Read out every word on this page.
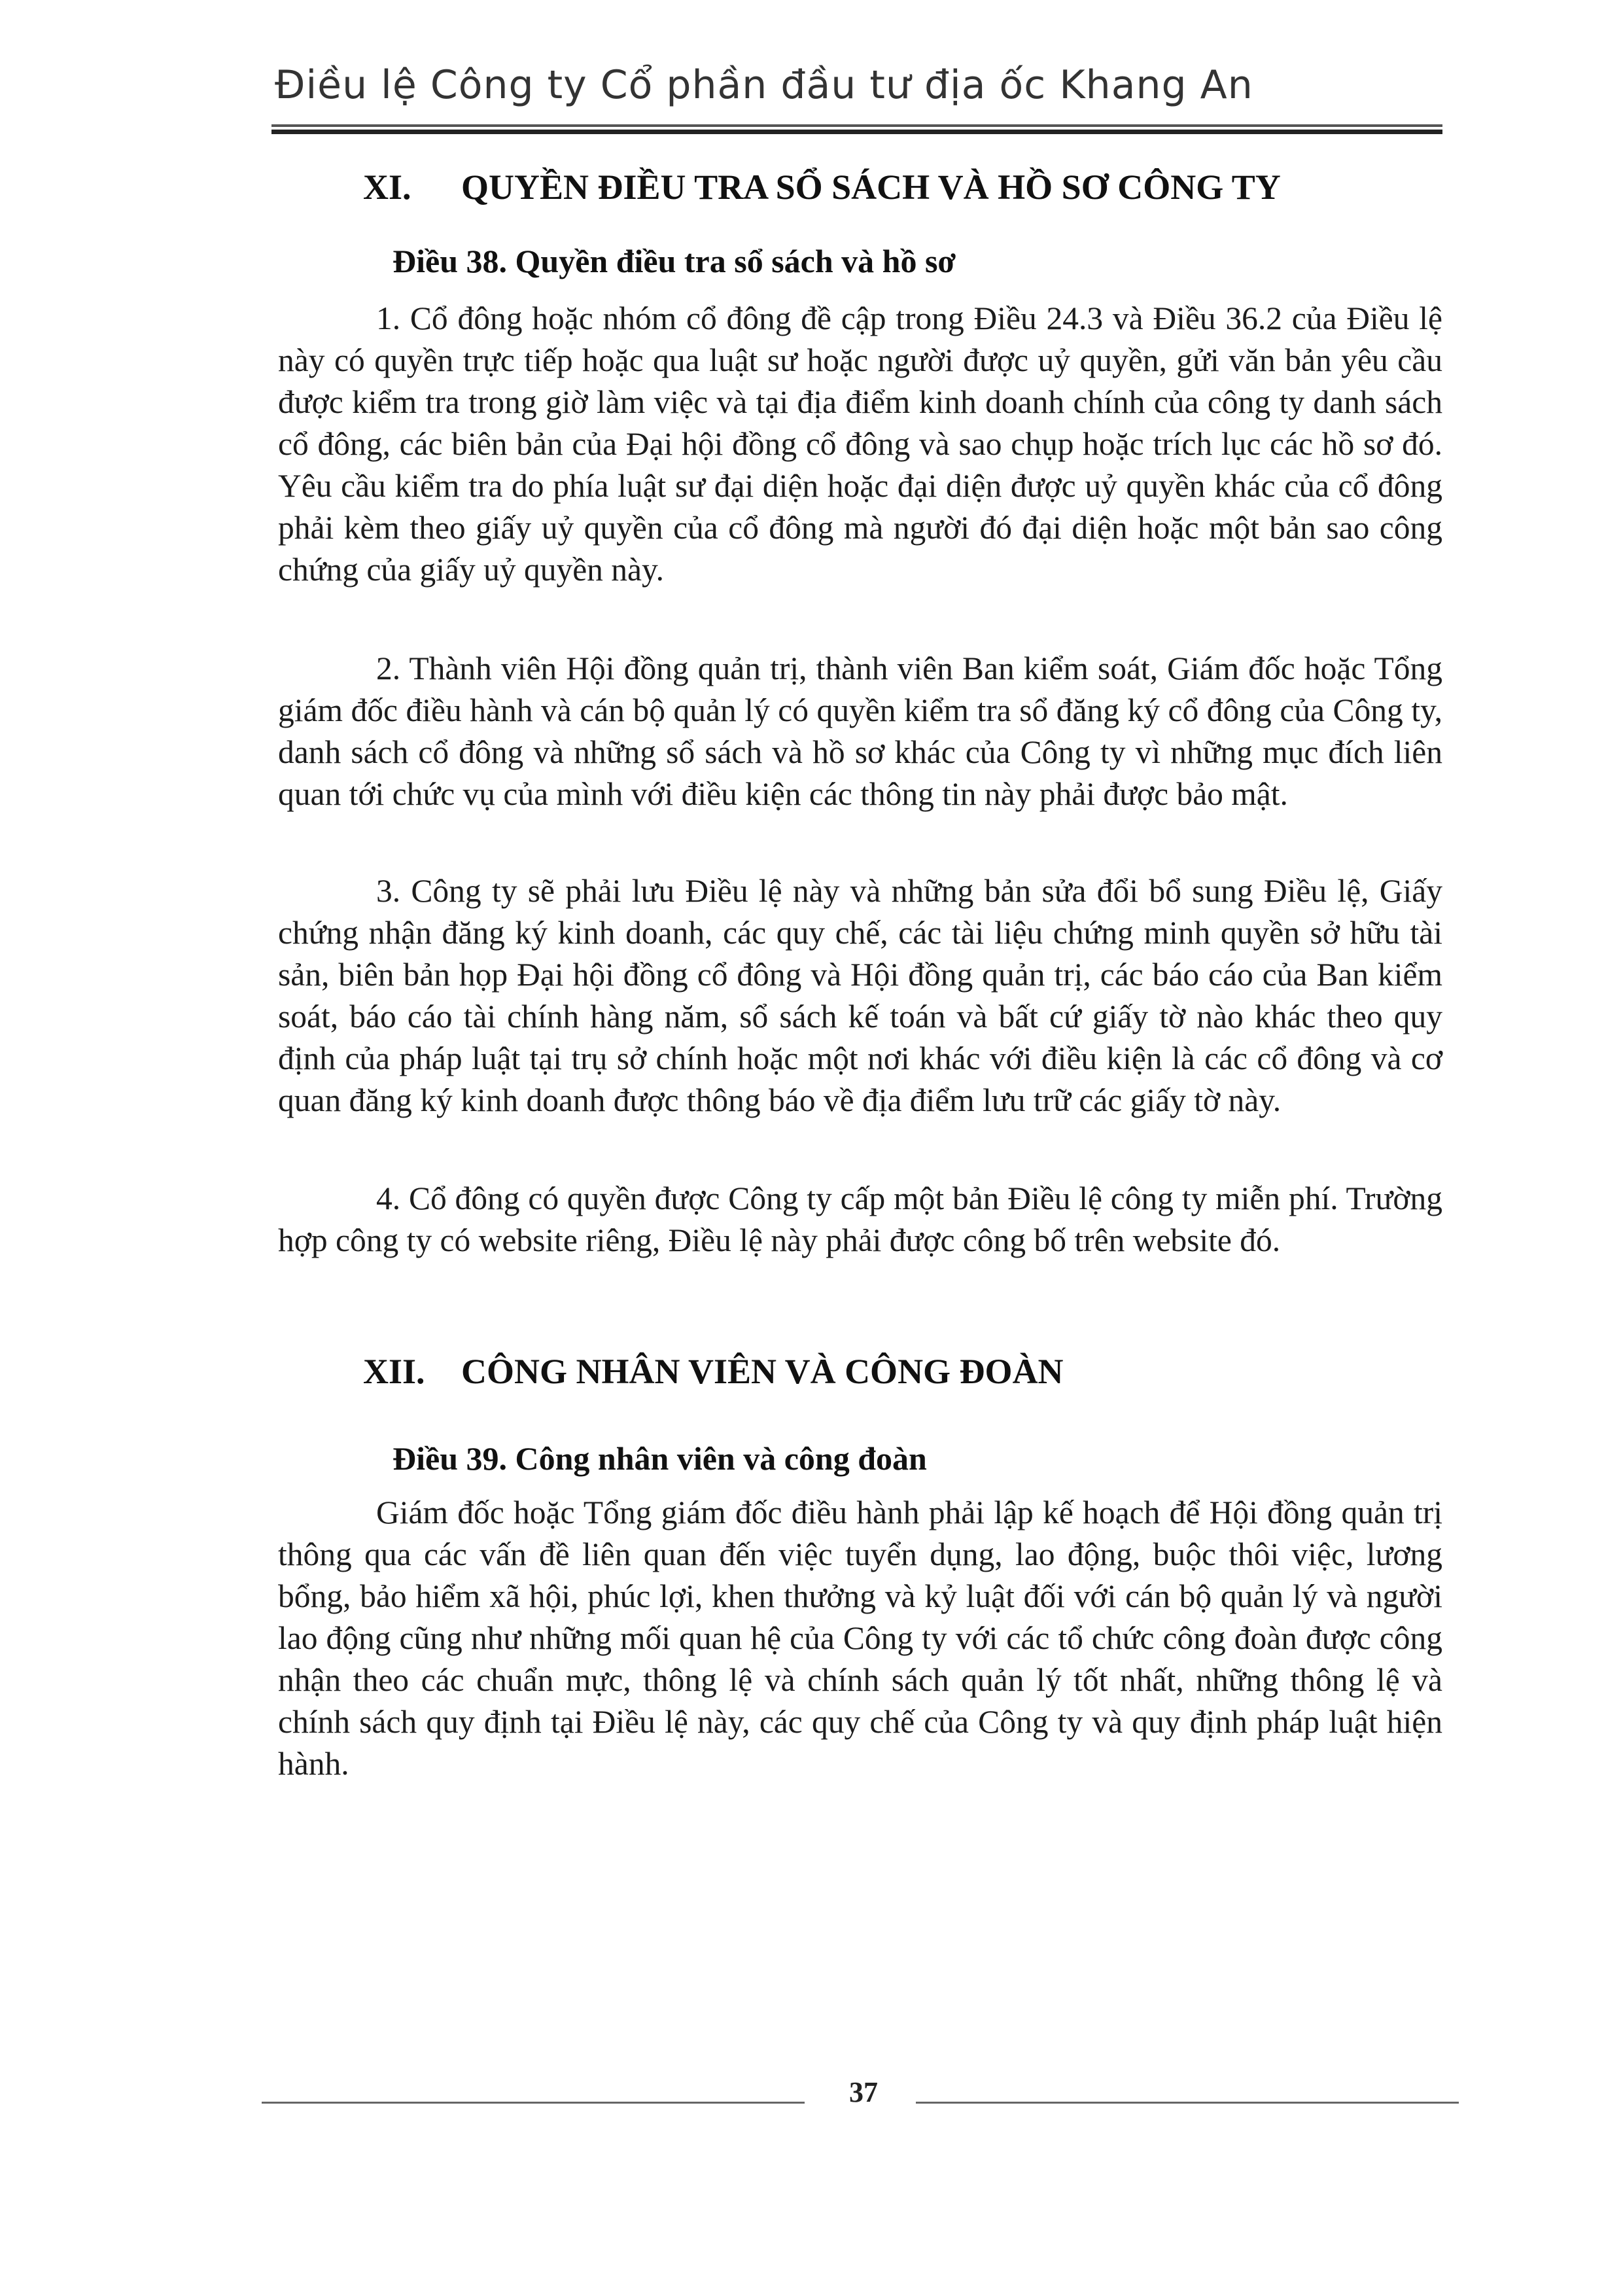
Điều lệ Công ty Cổ phần đầu tư địa ốc Khang An
XI. QUYỀN ĐIỀU TRA SỔ SÁCH VÀ HỒ SƠ CÔNG TY
Điều 38. Quyền điều tra sổ sách và hồ sơ

1. Cổ đông hoặc nhóm cổ đông đề cập trong Điều 24.3 và Điều 36.2 của Điều lệ này có quyền trực tiếp hoặc qua luật sư hoặc người được uỷ quyền, gửi văn bản yêu cầu được kiểm tra trong giờ làm việc và tại địa điểm kinh doanh chính của công ty danh sách cổ đông, các biên bản của Đại hội đồng cổ đông và sao chụp hoặc trích lục các hồ sơ đó. Yêu cầu kiểm tra do phía luật sư đại diện hoặc đại diện được uỷ quyền khác của cổ đông phải kèm theo giấy uỷ quyền của cổ đông mà người đó đại diện hoặc một bản sao công chứng của giấy uỷ quyền này.

2. Thành viên Hội đồng quản trị, thành viên Ban kiểm soát, Giám đốc hoặc Tổng giám đốc điều hành và cán bộ quản lý có quyền kiểm tra sổ đăng ký cổ đông của Công ty, danh sách cổ đông và những sổ sách và hồ sơ khác của Công ty vì những mục đích liên quan tới chức vụ của mình với điều kiện các thông tin này phải được bảo mật.

3. Công ty sẽ phải lưu Điều lệ này và những bản sửa đổi bổ sung Điều lệ, Giấy chứng nhận đăng ký kinh doanh, các quy chế, các tài liệu chứng minh quyền sở hữu tài sản, biên bản họp Đại hội đồng cổ đông và Hội đồng quản trị, các báo cáo của Ban kiểm soát, báo cáo tài chính hàng năm, sổ sách kế toán và bất cứ giấy tờ nào khác theo quy định của pháp luật tại trụ sở chính hoặc một nơi khác với điều kiện là các cổ đông và cơ quan đăng ký kinh doanh được thông báo về địa điểm lưu trữ các giấy tờ này.

4. Cổ đông có quyền được Công ty cấp một bản Điều lệ công ty miễn phí. Trường hợp công ty có website riêng, Điều lệ này phải được công bố trên website đó.

XII. CÔNG NHÂN VIÊN VÀ CÔNG ĐOÀN
Điều 39. Công nhân viên và công đoàn

Giám đốc hoặc Tổng giám đốc điều hành phải lập kế hoạch để Hội đồng quản trị thông qua các vấn đề liên quan đến việc tuyển dụng, lao động, buộc thôi việc, lương bổng, bảo hiểm xã hội, phúc lợi, khen thưởng và kỷ luật đối với cán bộ quản lý và người lao động cũng như những mối quan hệ của Công ty với các tổ chức công đoàn được công nhận theo các chuẩn mực, thông lệ và chính sách quản lý tốt nhất, những thông lệ và chính sách quy định tại Điều lệ này, các quy chế của Công ty và quy định pháp luật hiện hành.

37
